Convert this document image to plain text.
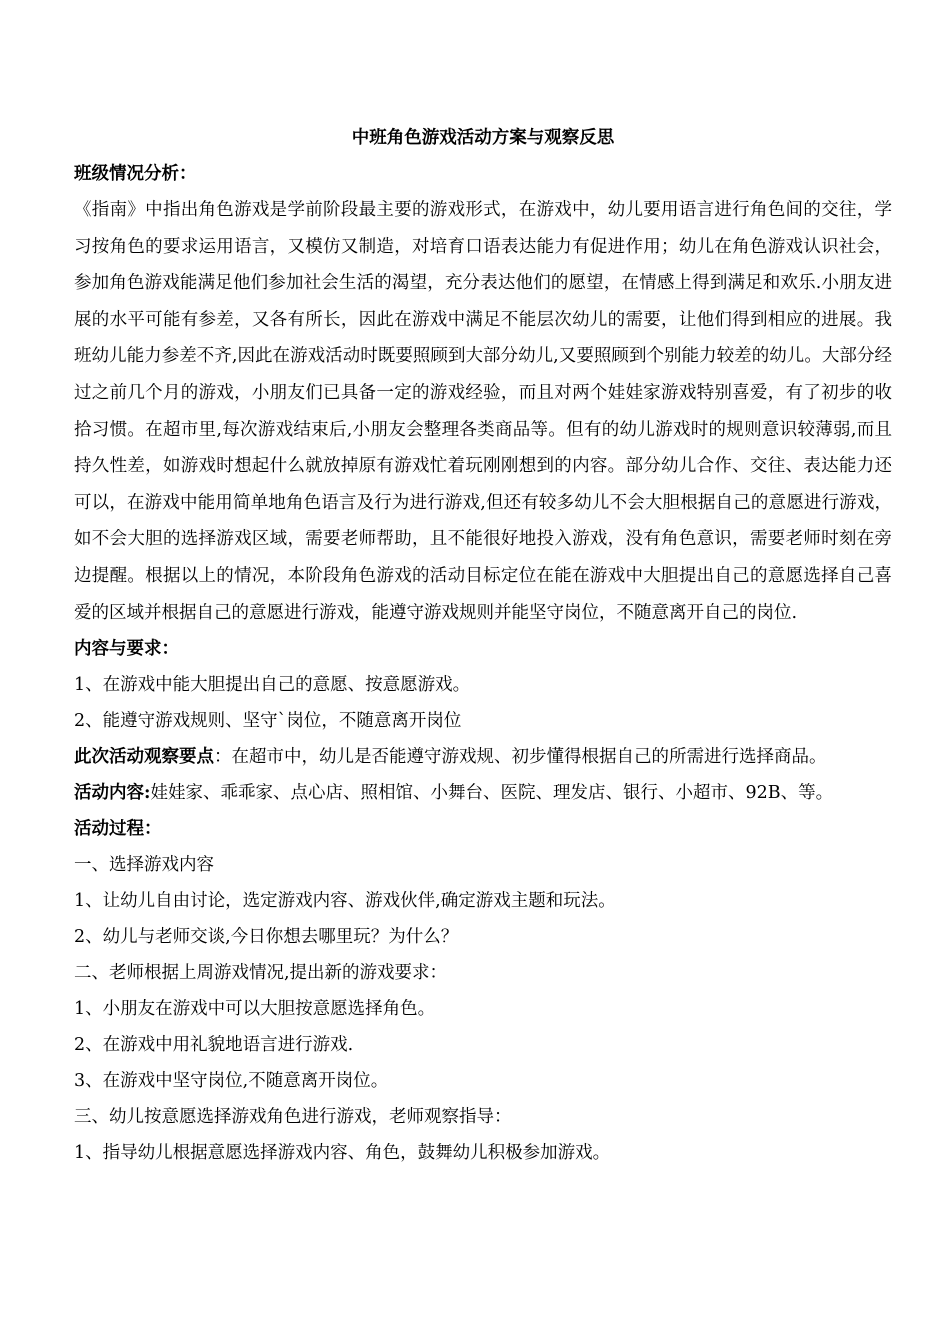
中班角色游戏活动方案与观察反思

班级情况分析：

《指南》中指出角色游戏是学前阶段最主要的游戏形式，在游戏中，幼儿要用语言进行角色间的交往，学习按角色的要求运用语言，又模仿又制造，对培育口语表达能力有促进作用；幼儿在角色游戏认识社会，参加角色游戏能满足他们参加社会生活的渴望，充分表达他们的愿望，在情感上得到满足和欢乐.小朋友进展的水平可能有参差，又各有所长，因此在游戏中满足不能层次幼儿的需要，让他们得到相应的进展。我班幼儿能力参差不齐,因此在游戏活动时既要照顾到大部分幼儿,又要照顾到个别能力较差的幼儿。大部分经过之前几个月的游戏，小朋友们已具备一定的游戏经验，而且对两个娃娃家游戏特别喜爱，有了初步的收拾习惯。在超市里,每次游戏结束后,小朋友会整理各类商品等。但有的幼儿游戏时的规则意识较薄弱,而且持久性差，如游戏时想起什么就放掉原有游戏忙着玩刚刚想到的内容。部分幼儿合作、交往、表达能力还可以，在游戏中能用简单地角色语言及行为进行游戏,但还有较多幼儿不会大胆根据自己的意愿进行游戏，如不会大胆的选择游戏区域，需要老师帮助，且不能很好地投入游戏，没有角色意识，需要老师时刻在旁边提醒。根据以上的情况，本阶段角色游戏的活动目标定位在能在游戏中大胆提出自己的意愿选择自己喜爱的区域并根据自己的意愿进行游戏，能遵守游戏规则并能坚守岗位，不随意离开自己的岗位.

内容与要求：

1、在游戏中能大胆提出自己的意愿、按意愿游戏。

2、能遵守游戏规则、坚守`岗位，不随意离开岗位

此次活动观察要点：在超市中，幼儿是否能遵守游戏规、初步懂得根据自己的所需进行选择商品。

活动内容:娃娃家、乖乖家、点心店、照相馆、小舞台、医院、理发店、银行、小超市、92B、等。

活动过程：

一、选择游戏内容

1、让幼儿自由讨论，选定游戏内容、游戏伙伴,确定游戏主题和玩法。

2、幼儿与老师交谈,今日你想去哪里玩？为什么？

二、老师根据上周游戏情况,提出新的游戏要求：

1、小朋友在游戏中可以大胆按意愿选择角色。

2、在游戏中用礼貌地语言进行游戏.

3、在游戏中坚守岗位,不随意离开岗位。

三、幼儿按意愿选择游戏角色进行游戏，老师观察指导：

1、指导幼儿根据意愿选择游戏内容、角色，鼓舞幼儿积极参加游戏。
